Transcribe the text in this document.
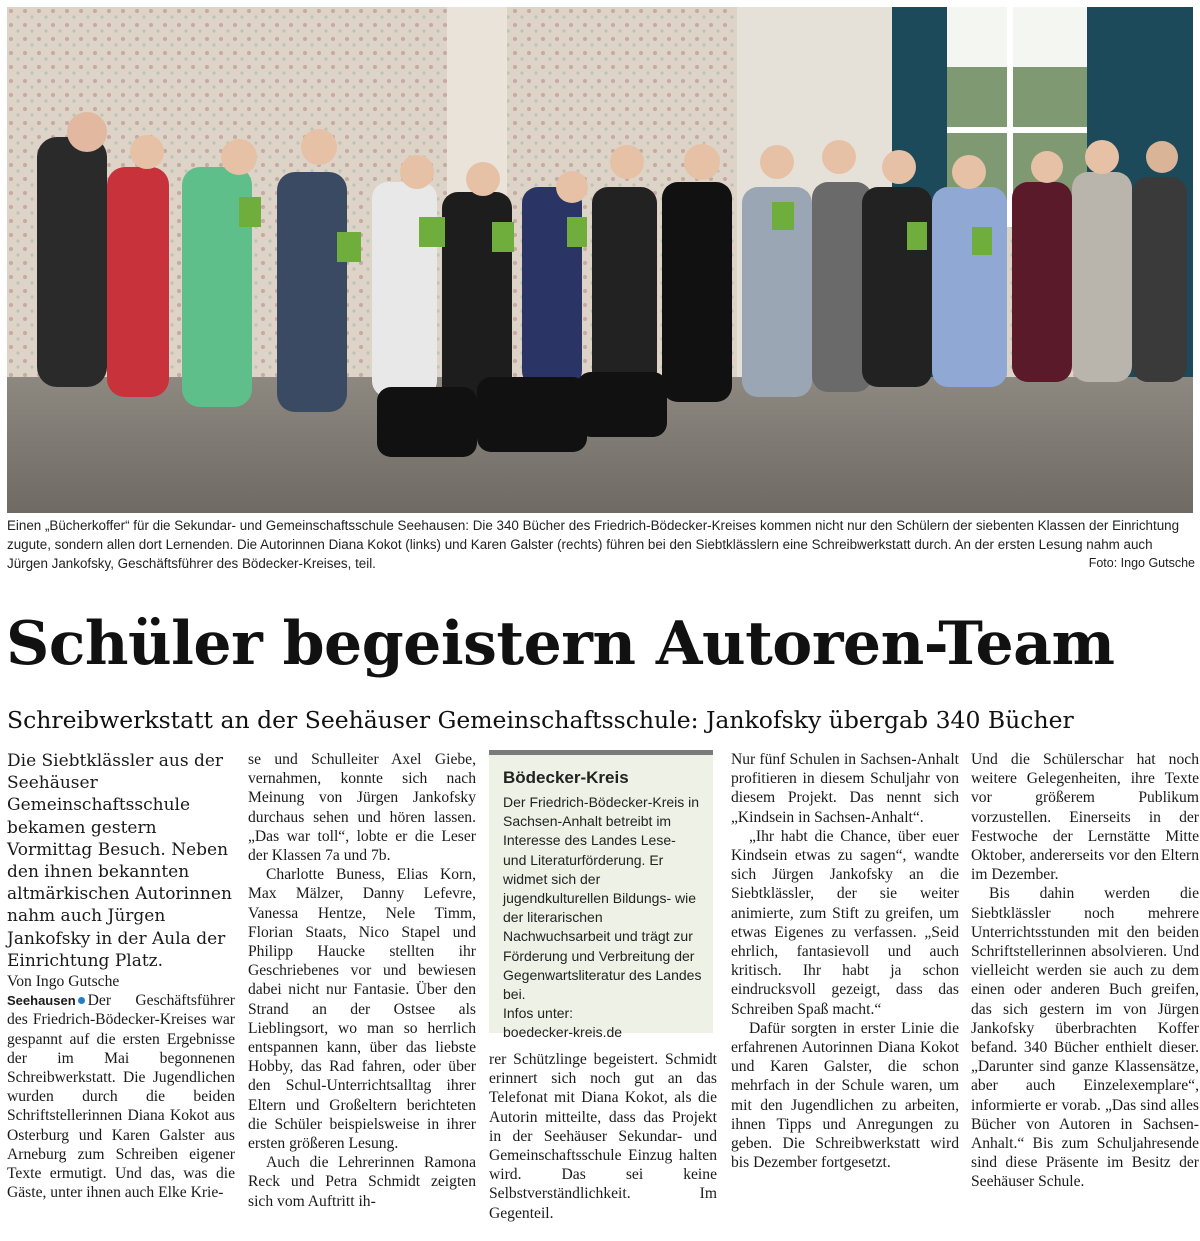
Einen „Bücherkoffer“ für die Sekundar- und Gemeinschaftsschule Seehausen: Die 340 Bücher des Friedrich-Bödecker-Kreises kommen nicht nur den Schülern der siebenten Klassen der Einrichtung zugute, sondern allen dort Lernenden. Die Autorinnen Diana Kokot (links) und Karen Galster (rechts) führen bei den Siebtklässlern eine Schreibwerkstatt durch. An der ersten Lesung nahm auch Jürgen Jankofsky, Geschäftsführer des Bödecker-Kreises, teil.	Foto: Ingo Gutsche
Schüler begeistern Autoren-Team
Schreibwerkstatt an der Seehäuser Gemeinschaftsschule: Jankofsky übergab 340 Bücher

Die Siebtklässler aus der Seehäuser Gemeinschaftsschule bekamen gestern Vormittag Besuch. Neben den ihnen bekannten altmärkischen Autorinnen nahm auch Jürgen Jankofsky in der Aula der Einrichtung Platz.

Von Ingo Gutsche

Seehausen Der Geschäftsführer des Friedrich-Bödecker-Kreises war gespannt auf die ersten Ergebnisse der im Mai begonnenen Schreibwerkstatt. Die Jugendlichen wurden durch die beiden Schriftstellerinnen Diana Kokot aus Osterburg und Karen Galster aus Arneburg zum Schreiben eigener Texte ermutigt. Und das, was die Gäste, unter ihnen auch Elke Krie-

se und Schulleiter Axel Giebe, vernahmen, konnte sich nach Meinung von Jürgen Jankofsky durchaus sehen und hören lassen. „Das war toll“, lobte er die Leser der Klassen 7a und 7b.

Charlotte Buness, Elias Korn, Max Mälzer, Danny Lefevre, Vanessa Hentze, Nele Timm, Florian Staats, Nico Stapel und Philipp Haucke stellten ihr Geschriebenes vor und bewiesen dabei nicht nur Fantasie. Über den Strand an der Ostsee als Lieblingsort, wo man so herrlich entspannen kann, über das liebste Hobby, das Rad fahren, oder über den Schul-Unterrichtsalltag ihrer Eltern und Großeltern berichteten die Schüler beispielsweise in ihrer ersten größeren Lesung.

Auch die Lehrerinnen Ramona Reck und Petra Schmidt zeigten sich vom Auftritt ih-

Bödecker-Kreis

Der Friedrich-Bödecker-Kreis in Sachsen-Anhalt betreibt im Interesse des Landes Lese- und Literaturförderung. Er widmet sich der jugendkulturellen Bildungs- wie der literarischen Nachwuchsarbeit und trägt zur Förderung und Verbreitung der Gegenwartsliteratur des Landes bei.

Infos unter:

boedecker-kreis.de

rer Schützlinge begeistert. Schmidt erinnert sich noch gut an das Telefonat mit Diana Kokot, als die Autorin mitteilte, dass das Projekt in der Seehäuser Sekundar- und Gemeinschaftsschule Einzug halten wird. Das sei keine Selbstverständlichkeit. Im Gegenteil.

Nur fünf Schulen in Sachsen-Anhalt profitieren in diesem Schuljahr von diesem Projekt. Das nennt sich „Kindsein in Sachsen-Anhalt“.

„Ihr habt die Chance, über euer Kindsein etwas zu sagen“, wandte sich Jürgen Jankofsky an die Siebtklässler, der sie weiter animierte, zum Stift zu greifen, um etwas Eigenes zu verfassen. „Seid ehrlich, fantasievoll und auch kritisch. Ihr habt ja schon eindrucksvoll gezeigt, dass das Schreiben Spaß macht.“

Dafür sorgten in erster Linie die erfahrenen Autorinnen Diana Kokot und Karen Galster, die schon mehrfach in der Schule waren, um mit den Jugendlichen zu arbeiten, ihnen Tipps und Anregungen zu geben. Die Schreibwerkstatt wird bis Dezember fortgesetzt.

Und die Schülerschar hat noch weitere Gelegenheiten, ihre Texte vor größerem Publikum vorzustellen. Einerseits in der Festwoche der Lernstätte Mitte Oktober, andererseits vor den Eltern im Dezember.

Bis dahin werden die Siebtklässler noch mehrere Unterrichtsstunden mit den beiden Schriftstellerinnen absolvieren. Und vielleicht werden sie auch zu dem einen oder anderen Buch greifen, das sich gestern im von Jürgen Jankofsky überbrachten Koffer befand. 340 Bücher enthielt dieser. „Darunter sind ganze Klassensätze, aber auch Einzelexemplare“, informierte er vorab. „Das sind alles Bücher von Autoren in Sachsen-Anhalt.“ Bis zum Schuljahresende sind diese Präsente im Besitz der Seehäuser Schule.
